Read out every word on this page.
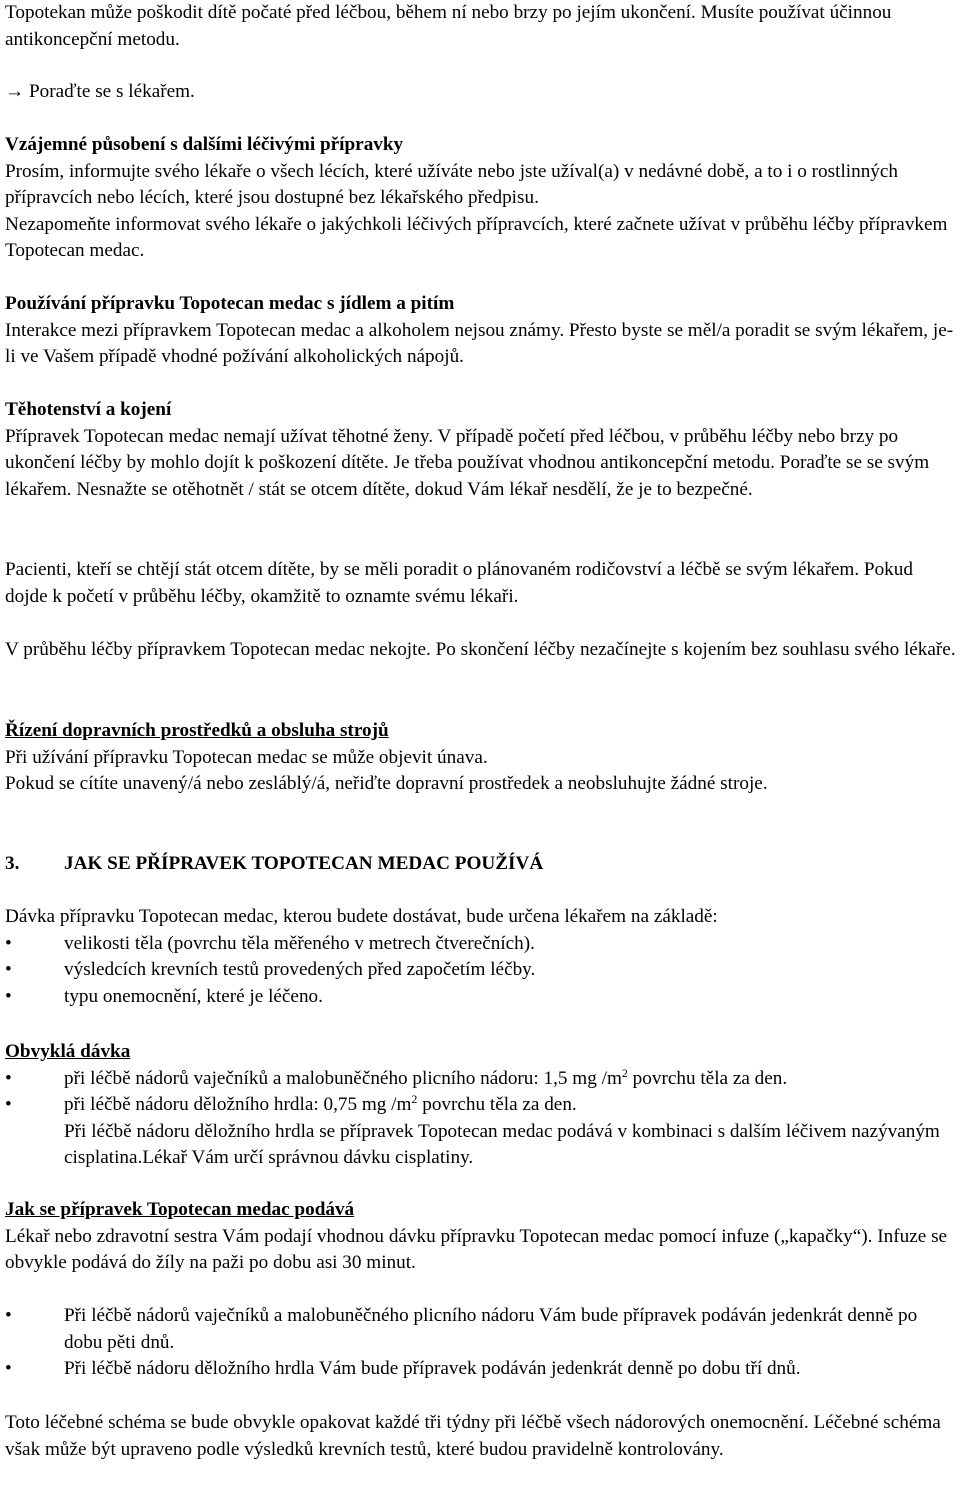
Topotekan může poškodit dítě počaté před léčbou, během ní nebo brzy po jejím ukončení. Musíte používat účinnou antikoncepční metodu.

→ Poraďte se s lékařem.

Vzájemné působení s dalšími léčivými přípravky

Prosím, informujte svého lékaře o všech lécích, které užíváte nebo jste užíval(a) v nedávné době, a to i o rostlinných přípravcích nebo lécích, které jsou dostupné bez lékařského předpisu.

Nezapomeňte informovat svého lékaře o jakýchkoli léčivých přípravcích, které začnete užívat v průběhu léčby přípravkem Topotecan medac.

Používání přípravku Topotecan medac s jídlem a pitím

Interakce mezi přípravkem Topotecan medac a alkoholem nejsou známy. Přesto byste se měl/a poradit se svým lékařem, je-li ve Vašem případě vhodné požívání alkoholických nápojů.

Těhotenství a kojení

Přípravek Topotecan medac nemají užívat těhotné ženy. V případě početí před léčbou, v průběhu léčby nebo brzy po ukončení léčby by mohlo dojít k poškození dítěte. Je třeba používat vhodnou antikoncepční metodu. Poraďte se se svým lékařem. Nesnažte se otěhotnět / stát se otcem dítěte, dokud Vám lékař nesdělí, že je to bezpečné.

Pacienti, kteří se chtějí stát otcem dítěte, by se měli poradit o plánovaném rodičovství a léčbě se svým lékařem. Pokud dojde k početí v průběhu léčby, okamžitě to oznamte svému lékaři.

V průběhu léčby přípravkem Topotecan medac nekojte. Po skončení léčby nezačínejte s kojením bez souhlasu svého lékaře.

Řízení dopravních prostředků a obsluha strojů

Při užívání přípravku Topotecan medac se může objevit únava.

Pokud se cítíte unavený/á nebo zesláblý/á, neřiďte dopravní prostředek a neobsluhujte žádné stroje.

3. JAK SE PŘÍPRAVEK TOPOTECAN MEDAC POUŽÍVÁ

Dávka přípravku Topotecan medac, kterou budete dostávat, bude určena lékařem na základě:

•	velikosti těla (povrchu těla měřeného v metrech čtverečních).
•	výsledcích krevních testů provedených před započetím léčby.
•	typu onemocnění, které je léčeno.

Obvyklá dávka

•	při léčbě nádorů vaječníků a malobuněčného plicního nádoru: 1,5 mg $/m^2$ povrchu těla za den.
•	při léčbě nádoru děložního hrdla: 0,75 mg $/m^2$ povrchu těla za den.
Při léčbě nádoru děložního hrdla se přípravek Topotecan medac podává v kombinaci s dalším léčivem nazývaným cisplatina.Lékař Vám určí správnou dávku cisplatiny.

Jak se přípravek Topotecan medac podává

Lékař nebo zdravotní sestra Vám podají vhodnou dávku přípravku Topotecan medac pomocí infuze („kapačky“). Infuze se obvykle podává do žíly na paži po dobu asi 30 minut.

•	Při léčbě nádorů vaječníků a malobuněčného plicního nádoru Vám bude přípravek podáván jedenkrát denně po dobu pěti dnů.
•	Při léčbě nádoru děložního hrdla Vám bude přípravek podáván jedenkrát denně po dobu tří dnů.

Toto léčebné schéma se bude obvykle opakovat každé tři týdny při léčbě všech nádorových onemocnění. Léčebné schéma však může být upraveno podle výsledků krevních testů, které budou pravidelně kontrolovány.
